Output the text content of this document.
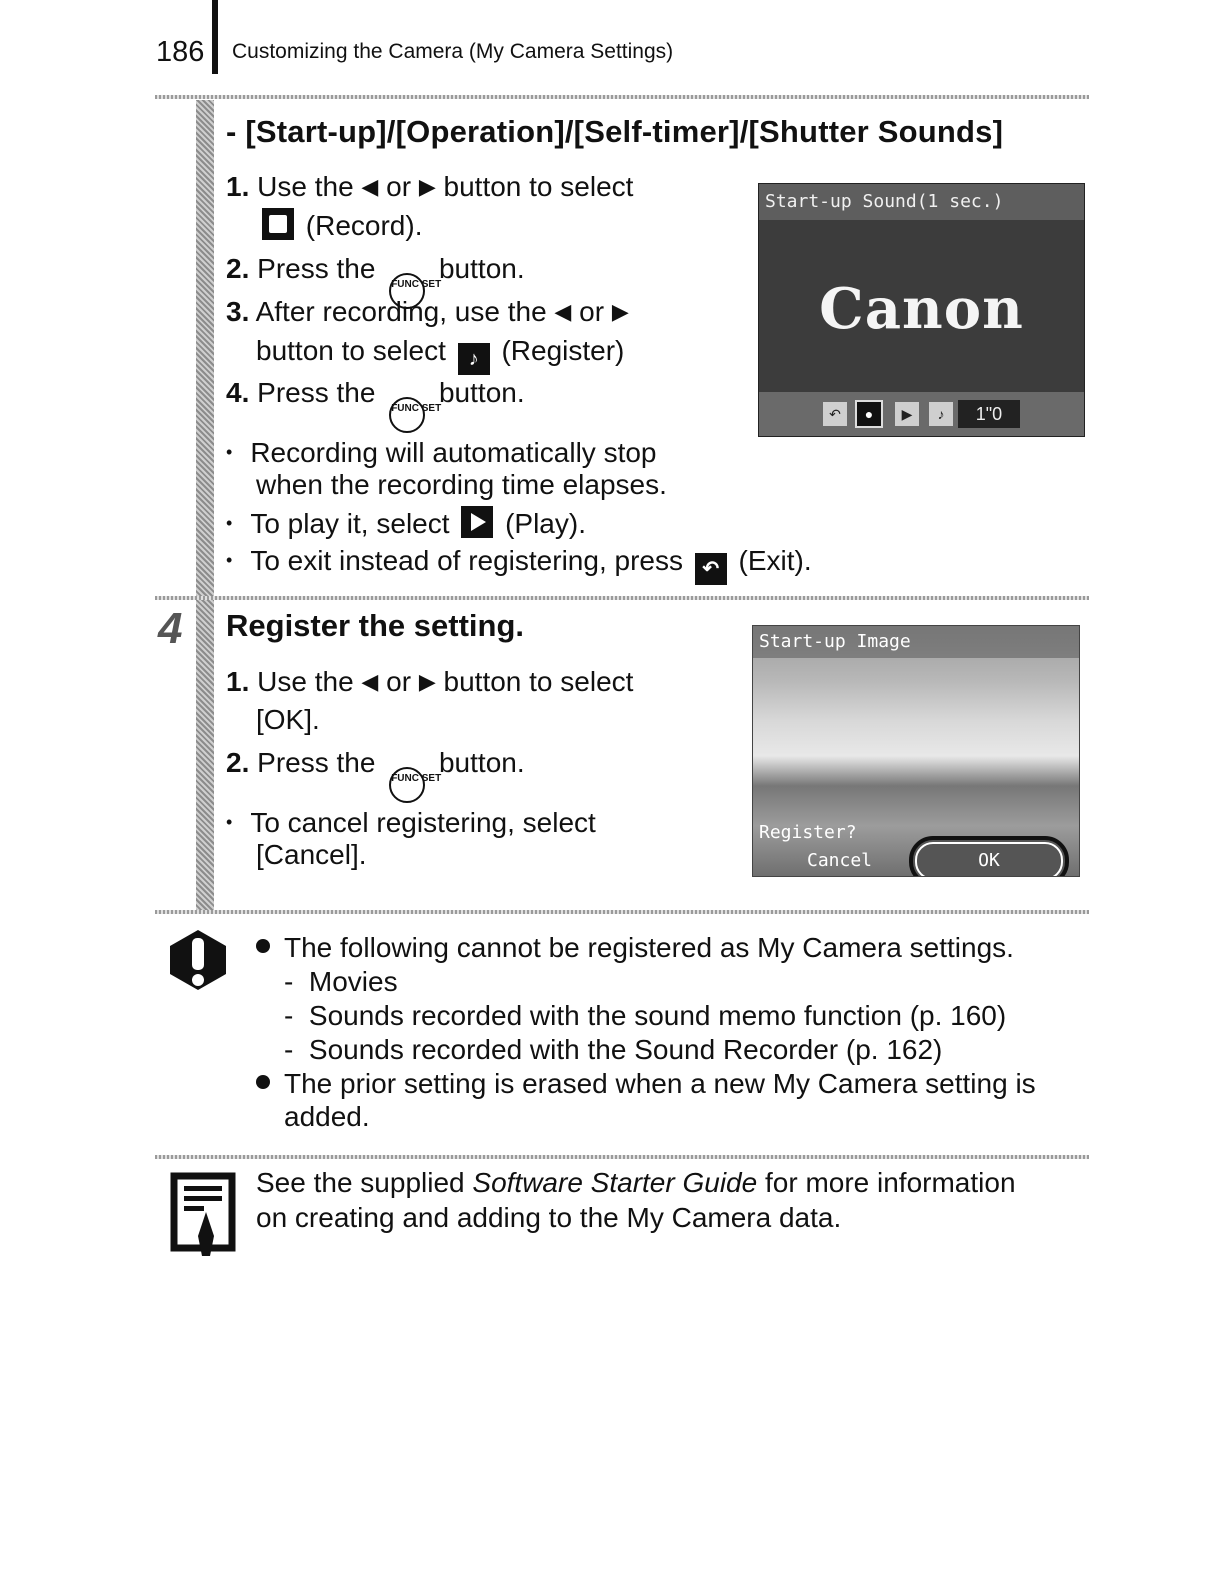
186 Customizing the Camera (My Camera Settings)
- [Start-up]/[Operation]/[Self-timer]/[Shutter Sounds]
1. Use the ◀ or ▶ button to select
(Record).
2. Press the FUNC SET button.
3. After recording, use the ◀ or ▶
button to select ♪ (Register)
4. Press the FUNC SET button.
• Recording will automatically stop
when the recording time elapses.
• To play it, select (Play).
• To exit instead of registering, press ↶ (Exit).
Start-up Sound(1 sec.)
Canon
↶	●	▶	♪	1"0
4 Register the setting.
1. Use the ◀ or ▶ button to select
[OK].
2. Press the FUNC SET button.
• To cancel registering, select
[Cancel].
Start-up Image
Register?
Cancel	OK
The following cannot be registered as My Camera settings.
- Movies
- Sounds recorded with the sound memo function (p. 160)
- Sounds recorded with the Sound Recorder (p. 162)
The prior setting is erased when a new My Camera setting is
added.
See the supplied Software Starter Guide for more information
on creating and adding to the My Camera data.
